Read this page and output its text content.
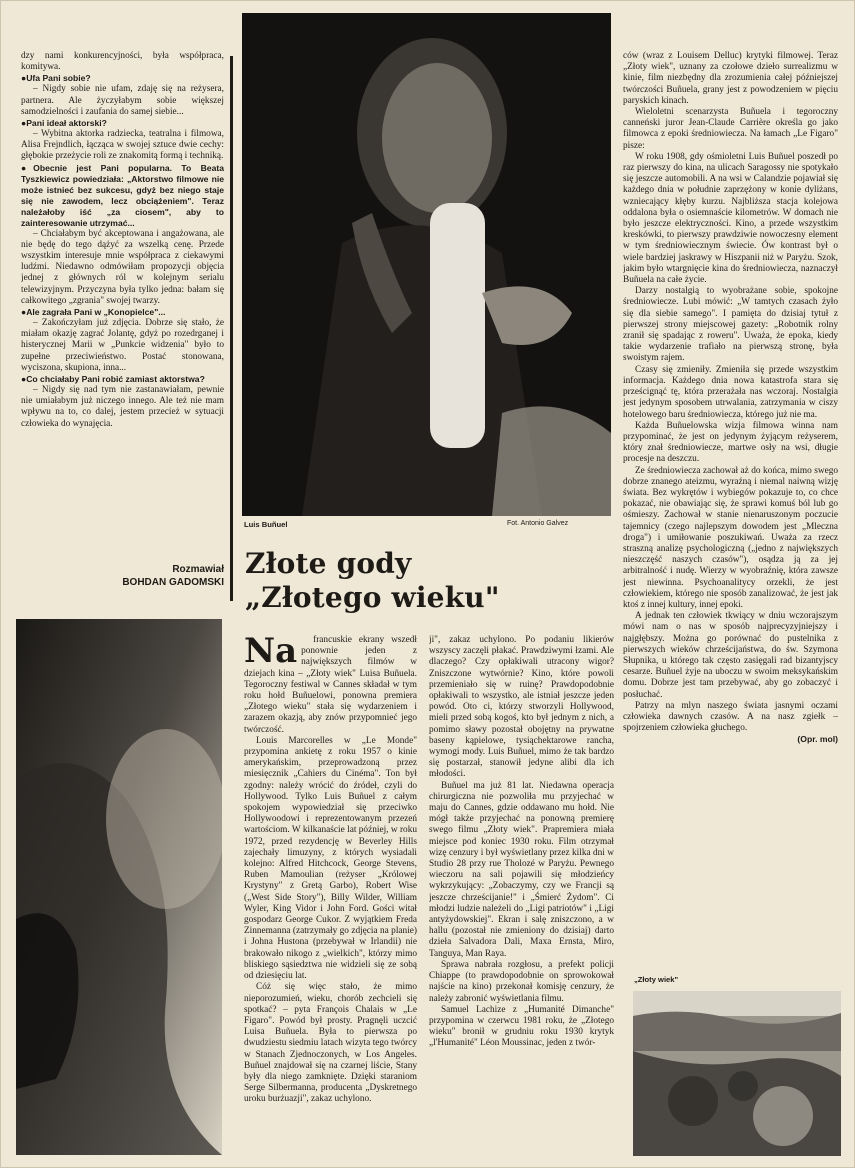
dzy nami konkurencyjności, była współpraca, komitywa.

● Ufa Pani sobie?

– Nigdy sobie nie ufam, zdaję się na reżysera, partnera. Ale życzyłabym sobie większej samodzielności i zaufania do samej siebie...

● Pani ideał aktorski?

– Wybitna aktorka radziecka, teatralna i filmowa, Alisa Frejndlich, łącząca w swojej sztuce dwie cechy: głębokie przeżycie roli ze znakomitą formą i techniką.

● Obecnie jest Pani popularna. To Beata Tyszkiewicz powiedziała: „Aktorstwo filmowe nie może istnieć bez sukcesu, gdyż bez niego staje się nie zawodem, lecz obciążeniem". Teraz należałoby iść „za ciosem", aby to zainteresowanie utrzymać...

– Chciałabym być akceptowana i angażowana, ale nie będę do tego dążyć za wszelką cenę. Przede wszystkim interesuje mnie współpraca z ciekawymi ludźmi. Niedawno odmówiłam propozycji objęcia jednej z głównych ról w kolejnym serialu telewizyjnym. Przyczyna była tylko jedna: bałam się całkowitego „zgrania" swojej twarzy.

● Ale zagrała Pani w „Konopielce"...

– Zakończyłam już zdjęcia. Dobrze się stało, że miałam okazję zagrać Jolantę, gdyż po rozedrganej i histerycznej Marii w „Punkcie widzenia" było to zupełne przeciwieństwo. Postać stonowana, wyciszona, skupiona, inna...

● Co chciałaby Pani robić zamiast aktorstwa?

– Nigdy się nad tym nie zastanawiałam, pewnie nie umiałabym już niczego innego. Ale też nie mam wpływu na to, co dalej, jestem przecież w sytuacji człowieka do wynajęcia.

Rozmawiał
BOHDAN GADOMSKI
Luis Buñuel	Fot. Antonio Galvez
Złote gody
„Złotego wieku"
Na	francuskie ekrany wszedł ponownie jeden z największych filmów w dziejach kina – „Złoty wiek" Luisa Buñuela. Tegoroczny festiwal w Cannes składał w tym roku hołd Buñuelowi, ponowna premiera „Złotego wieku" stała się wydarzeniem i zarazem okazją, aby znów przypomnieć jego twórczość.

Louis Marcorelles w „Le Monde" przypomina ankietę z roku 1957 o kinie amerykańskim, przeprowadzoną przez miesięcznik „Cahiers du Cinéma". Ton był zgodny: należy wrócić do źródeł, czyli do Hollywood. Tylko Luis Buñuel z całym spokojem wypowiedział się przeciwko Hollywoodowi i reprezentowanym przezeń wartościom. W kilkanaście lat później, w roku 1972, przed rezydencję w Beverley Hills zajechały limuzyny, z których wysiadali kolejno: Alfred Hitchcock, George Stevens, Ruben Mamoulian (reżyser „Królowej Krystyny" z Gretą Garbo), Robert Wise („West Side Story"), Billy Wilder, William Wyler, King Vidor i John Ford. Gości witał gospodarz George Cukor. Z wyjątkiem Freda Zinnemanna (zatrzymały go zdjęcia na planie) i Johna Hustona (przebywał w Irlandii) nie brakowało nikogo z „wielkich", którzy mimo bliskiego sąsiedztwa nie widzieli się ze sobą od dziesięciu lat.

Cóż się więc stało, że mimo nieporozumień, wieku, chorób zechcieli się spotkać? – pyta François Chalais w „Le Figaro". Powód był prosty. Pragnęli uczcić Luisa Buñuela. Była to pierwsza po dwudziestu siedmiu latach wizyta tego twórcy w Stanach Zjednoczonych, w Los Angeles. Buñuel znajdował się na czarnej liście, Stany były dla niego zamknięte. Dzięki staraniom Serge Silbermanna, producenta „Dyskretnego uroku burżuazji", zakaz uchylono.

ji", zakaz uchylono. Po podaniu likierów wszyscy zaczęli płakać. Prawdziwymi łzami. Ale dlaczego? Czy opłakiwali utracony wigor? Zniszczone wytwórnie? Kino, które powoli przemieniało się w ruinę? Prawdopodobnie opłakiwali to wszystko, ale istniał jeszcze jeden powód. Oto ci, którzy stworzyli Hollywood, mieli przed sobą kogoś, kto był jednym z nich, a pomimo sławy pozostał obojętny na prywatne baseny kąpielowe, tysiąchektarowe rancha, wymogi mody. Luis Buñuel, mimo że tak bardzo się postarzał, stanowił jedyne alibi dla ich młodości.

Buñuel ma już 81 lat. Niedawna operacja chirurgiczna nie pozwoliła mu przyjechać w maju do Cannes, gdzie oddawano mu hołd. Nie mógł także przyjechać na ponowną premierę swego filmu „Złoty wiek". Prapremiera miała miejsce pod koniec 1930 roku. Film otrzymał wizę cenzury i był wyświetlany przez kilka dni w Studio 28 przy rue Tholozé w Paryżu. Pewnego wieczoru na sali pojawili się młodzieńcy wykrzykujący: „Zobaczymy, czy we Francji są jeszcze chrześcijanie!" i „Śmierć Żydom". Ci młodzi ludzie należeli do „Ligi patriotów" i „Ligi antyżydowskiej". Ekran i salę zniszczono, a w hallu (pozostał nie zmieniony do dzisiaj) darto dzieła Salvadora Dali, Maxa Ernsta, Miro, Tanguya, Man Raya.

Sprawa nabrała rozgłosu, a prefekt policji Chiappe (to prawdopodobnie on sprowokował najście na kino) przekonał komisję cenzury, że należy zabronić wyświetlania filmu.

Samuel Lachize z „Humanité Dimanche" przypomina w czerwcu 1981 roku, że „Złotego wieku" bronił w grudniu roku 1930 krytyk „l'Humanité" Léon Moussinac, jeden z twór-

ców (wraz z Louisem Delluc) krytyki filmowej. Teraz „Złoty wiek", uznany za czołowe dzieło surrealizmu w kinie, film niezbędny dla zrozumienia całej późniejszej twórczości Buñuela, grany jest z powodzeniem w pięciu paryskich kinach.

Wieloletni scenarzysta Buñuela i tegoroczny canneński juror Jean-Claude Carrière określa go jako filmowca z epoki średniowiecza. Na łamach „Le Figaro" pisze:

W roku 1908, gdy ośmioletni Luis Buñuel poszedł po raz pierwszy do kina, na ulicach Saragossy nie spotykało się jeszcze automobili. A na wsi w Calandzie pojawiał się każdego dnia w południe zaprzężony w konie dyliżans, wzniecający kłęby kurzu. Najbliższa stacja kolejowa oddalona była o osiemnaście kilometrów. W domach nie było jeszcze elektryczności. Kino, a przede wszystkim kreskówki, to pierwszy prawdziwie nowoczesny element w tym średniowiecznym świecie. Ów kontrast był o wiele bardziej jaskrawy w Hiszpanii niż w Paryżu. Szok, jakim było wtargnięcie kina do średniowiecza, naznaczył Buñuela na całe życie.

Darzy nostalgią to wyobrażane sobie, spokojne średniowiecze. Lubi mówić: „W tamtych czasach żyło się dla siebie samego". I pamięta do dzisiaj tytuł z pierwszej strony miejscowej gazety: „Robotnik rolny zranił się spadając z roweru". Uważa, że epoka, kiedy takie wydarzenie trafiało na pierwszą stronę, była swoistym rajem.

Czasy się zmieniły. Zmieniła się przede wszystkim informacja. Każdego dnia nowa katastrofa stara się prześcignąć tę, która przerażała nas wczoraj. Nostalgia jest jedynym sposobem utrwalania, zatrzymania w ciszy hotelowego baru średniowiecza, którego już nie ma.

Każda Buñuelowska wizja filmowa winna nam przypominać, że jest on jedynym żyjącym reżyserem, który znał średniowiecze, martwe osły na wsi, długie procesje na deszczu.

Ze średniowiecza zachował aż do końca, mimo swego dobrze znanego ateizmu, wyraźną i niemal naiwną wizję świata. Bez wykrętów i wybiegów pokazuje to, co chce pokazać, nie obawiając się, że sprawi komuś ból lub go ośmieszy. Zachował w stanie nienaruszonym poczucie tajemnicy (czego najlepszym dowodem jest „Mleczna droga") i umiłowanie poszukiwań. Uważa za rzecz straszną analizę psychologiczną („jedno z największych nieszczęść naszych czasów"), osądza ją za jej arbitralność i nudę. Wierzy w wyobraźnię, która zawsze jest niewinna. Psychoanalitycy orzekli, że jest człowiekiem, którego nie sposób zanalizować, że jest jak ktoś z innej kultury, innej epoki.

A jednak ten człowiek tkwiący w dniu wczorajszym mówi nam o nas w sposób najprecyzyjniejszy i najgłębszy. Można go porównać do pustelnika z pierwszych wieków chrześcijaństwa, do św. Szymona Słupnika, u którego tak często zasięgali rad bizantyjscy cesarze. Buñuel żyje na uboczu w swoim meksykańskim domu. Dobrze jest tam przebywać, aby go zobaczyć i posłuchać.

Patrzy na mlyn naszego świata jasnymi oczami człowieka dawnych czasów. A na nasz zgiełk – spojrzeniem człowieka głuchego.

(Opr. mol)

„Złoty wiek"
